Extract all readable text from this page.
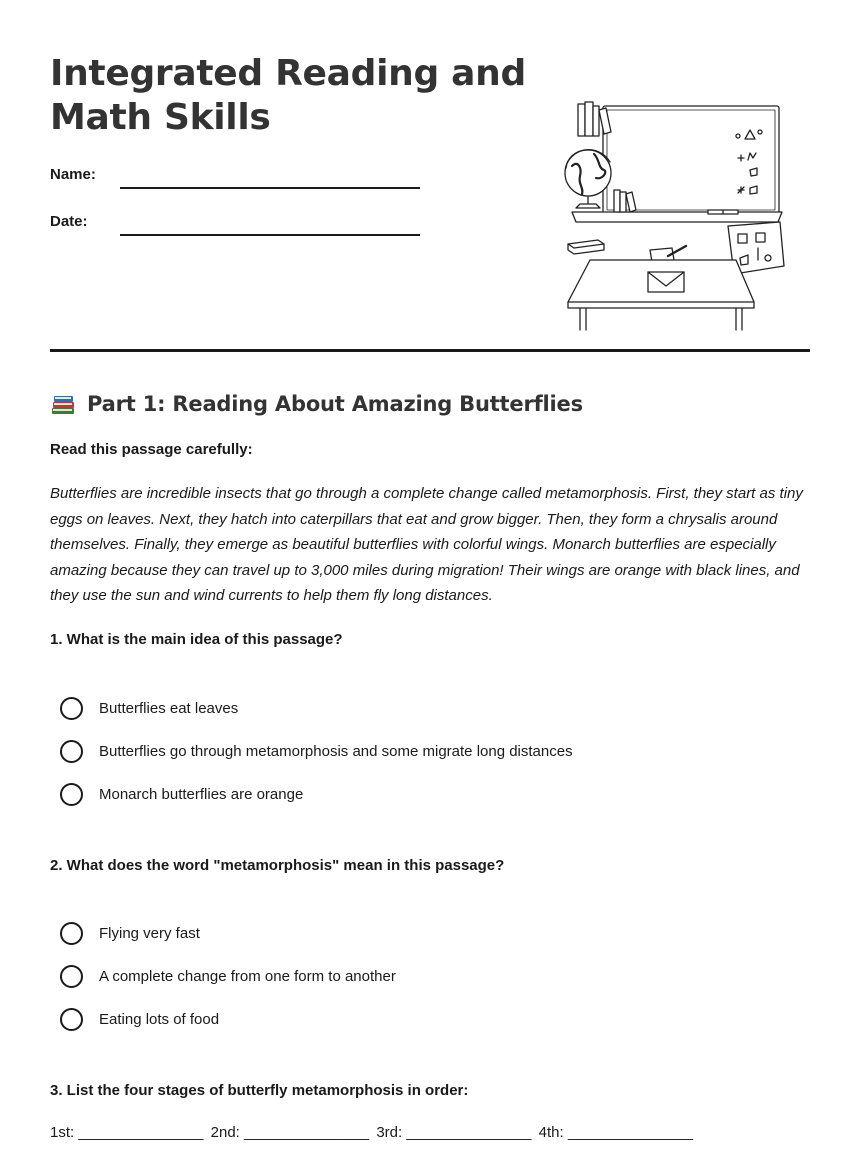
Integrated Reading and
Math Skills
Name:
Date:
Part 1: Reading About Amazing Butterflies
Read this passage carefully:

Butterflies are incredible insects that go through a complete change called metamorphosis. First, they start as tiny eggs on leaves. Next, they hatch into caterpillars that eat and grow bigger. Then, they form a chrysalis around themselves. Finally, they emerge as beautiful butterflies with colorful wings. Monarch butterflies are especially amazing because they can travel up to 3,000 miles during migration! Their wings are orange with black lines, and they use the sun and wind currents to help them fly long distances.

1. What is the main idea of this passage?
Butterflies eat leaves
Butterflies go through metamorphosis and some migrate long distances
Monarch butterflies are orange
2. What does the word "metamorphosis" mean in this passage?
Flying very fast
A complete change from one form to another
Eating lots of food
3. List the four stages of butterfly metamorphosis in order:
1st: _______________ 2nd: _______________ 3rd: _______________ 4th: _______________
